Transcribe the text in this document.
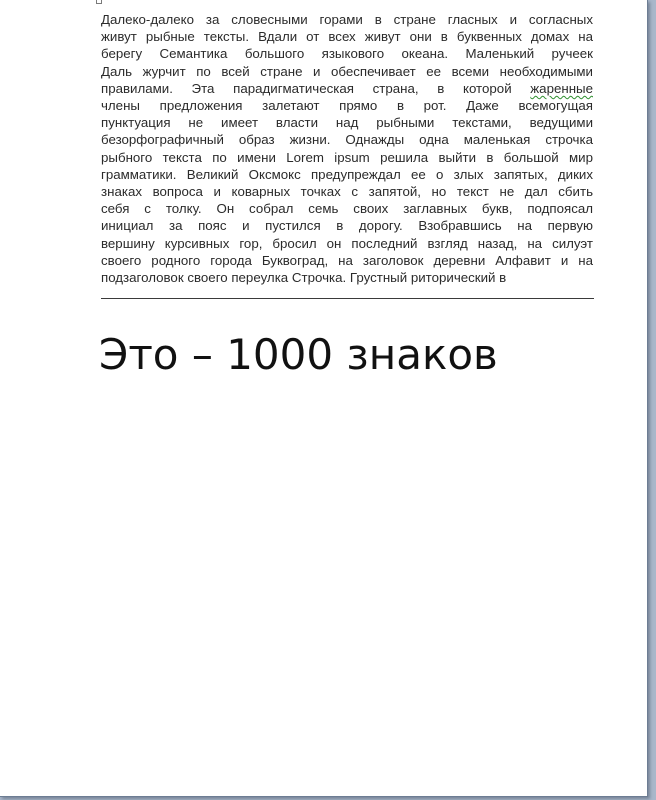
Далеко-далеко за словесными горами в стране гласных и согласных
живут рыбные тексты. Вдали от всех живут они в буквенных домах на
берегу Семантика большого языкового океана. Маленький ручеек
Даль журчит по всей стране и обеспечивает ее всеми необходимыми
правилами. Эта парадигматическая страна, в которой жаренные
члены предложения залетают прямо в рот. Даже всемогущая
пунктуация не имеет власти над рыбными текстами, ведущими
безорфографичный образ жизни. Однажды одна маленькая строчка
рыбного текста по имени Lorem ipsum решила выйти в большой мир
грамматики. Великий Оксмокс предупреждал ее о злых запятых, диких
знаках вопроса и коварных точках с запятой, но текст не дал сбить
себя с толку. Он собрал семь своих заглавных букв, подпоясал
инициал за пояс и пустился в дорогу. Взобравшись на первую
вершину курсивных гор, бросил он последний взгляд назад, на силуэт
своего родного города Буквоград, на заголовок деревни Алфавит и на
подзаголовок своего переулка Строчка. Грустный риторический в
Это – 1000 знаков
